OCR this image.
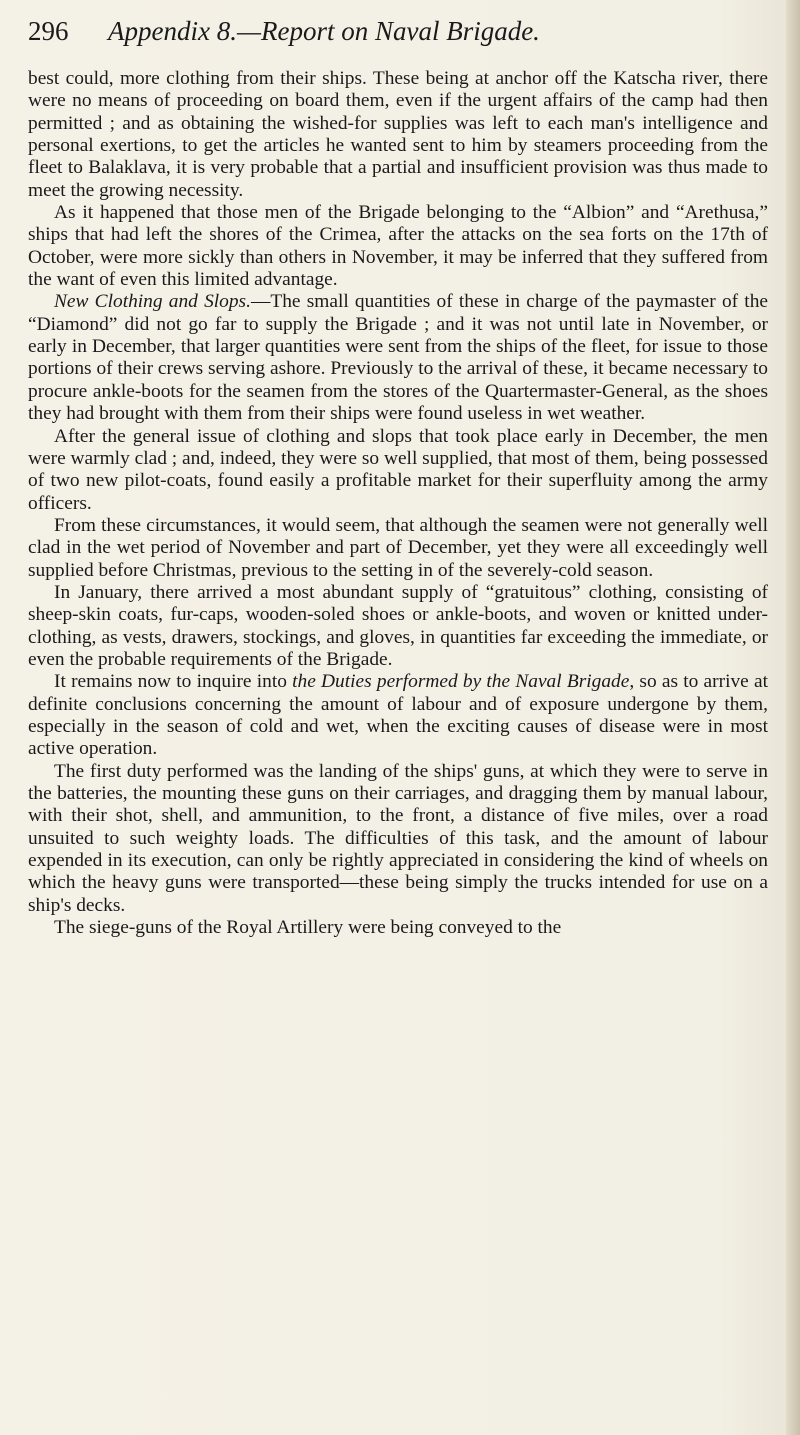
296 Appendix 8.—Report on Naval Brigade.

best could, more clothing from their ships. These being at anchor off the Katscha river, there were no means of proceeding on board them, even if the urgent affairs of the camp had then permitted ; and as obtaining the wished-for supplies was left to each man's intelligence and personal exertions, to get the articles he wanted sent to him by steamers proceeding from the fleet to Balaklava, it is very probable that a partial and insufficient provision was thus made to meet the growing necessity.

As it happened that those men of the Brigade belonging to the “Albion” and “Arethusa,” ships that had left the shores of the Crimea, after the attacks on the sea forts on the 17th of October, were more sickly than others in November, it may be inferred that they suffered from the want of even this limited advantage.

New Clothing and Slops.—The small quantities of these in charge of the paymaster of the “Diamond” did not go far to supply the Brigade ; and it was not until late in November, or early in December, that larger quantities were sent from the ships of the fleet, for issue to those portions of their crews serving ashore. Previously to the arrival of these, it became necessary to procure ankle-boots for the seamen from the stores of the Quartermaster-General, as the shoes they had brought with them from their ships were found useless in wet weather.

After the general issue of clothing and slops that took place early in December, the men were warmly clad ; and, indeed, they were so well supplied, that most of them, being possessed of two new pilot-coats, found easily a profitable market for their superfluity among the army officers.

From these circumstances, it would seem, that although the seamen were not generally well clad in the wet period of November and part of December, yet they were all exceedingly well supplied before Christmas, previous to the setting in of the severely-cold season.

In January, there arrived a most abundant supply of “gratuitous” clothing, consisting of sheep-skin coats, fur-caps, wooden-soled shoes or ankle-boots, and woven or knitted under-clothing, as vests, drawers, stockings, and gloves, in quantities far exceeding the immediate, or even the probable requirements of the Brigade.

It remains now to inquire into the Duties performed by the Naval Brigade, so as to arrive at definite conclusions concerning the amount of labour and of exposure undergone by them, especially in the season of cold and wet, when the exciting causes of disease were in most active operation.

The first duty performed was the landing of the ships' guns, at which they were to serve in the batteries, the mounting these guns on their carriages, and dragging them by manual labour, with their shot, shell, and ammunition, to the front, a distance of five miles, over a road unsuited to such weighty loads. The difficulties of this task, and the amount of labour expended in its execution, can only be rightly appreciated in considering the kind of wheels on which the heavy guns were transported—these being simply the trucks intended for use on a ship's decks.

The siege-guns of the Royal Artillery were being conveyed to the
